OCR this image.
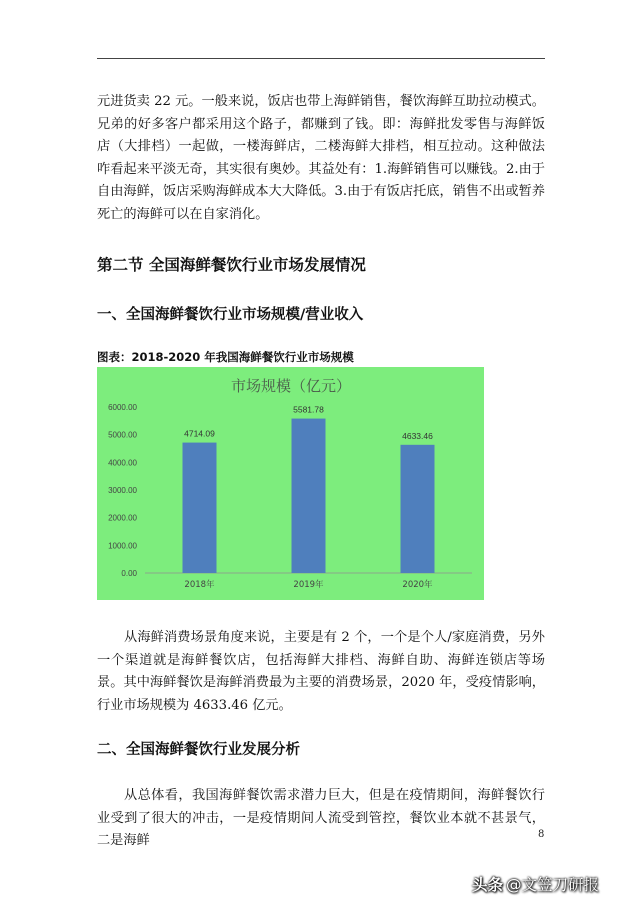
元进货卖 22 元。一般来说，饭店也带上海鲜销售，餐饮海鲜互助拉动模式。兄弟的好多客户都采用这个路子，都赚到了钱。即：海鲜批发零售与海鲜饭店（大排档）一起做，一楼海鲜店，二楼海鲜大排档，相互拉动。这种做法咋看起来平淡无奇，其实很有奥妙。其益处有：1.海鲜销售可以赚钱。2.由于自由海鲜，饭店采购海鲜成本大大降低。3.由于有饭店托底，销售不出或暂养死亡的海鲜可以在自家消化。

第二节 全国海鲜餐饮行业市场发展情况
一、全国海鲜餐饮行业市场规模/营业收入

图表：2018-2020 年我国海鲜餐饮行业市场规模

市场规模（亿元）
0.00
1000.00
2000.00
3000.00
4000.00
5000.00
6000.00
4714.09
2018年
5581.78
2019年
4633.46
2020年

从海鲜消费场景角度来说，主要是有 2 个，一个是个人/家庭消费，另外一个渠道就是海鲜餐饮店，包括海鲜大排档、海鲜自助、海鲜连锁店等场景。其中海鲜餐饮是海鲜消费最为主要的消费场景，2020 年，受疫情影响，行业市场规模为 4633.46 亿元。

二、全国海鲜餐饮行业发展分析

从总体看，我国海鲜餐饮需求潜力巨大，但是在疫情期间，海鲜餐饮行业受到了很大的冲击，一是疫情期间人流受到管控，餐饮业本就不甚景气，二是海鲜	8
头条 @文笠刀研报
